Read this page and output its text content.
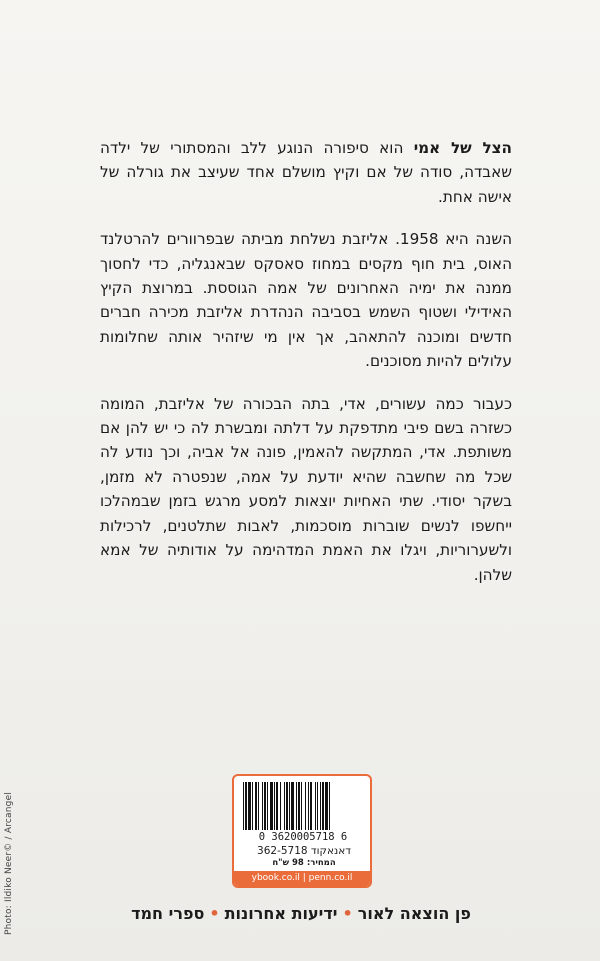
הצל של אמי הוא סיפורה הנוגע ללב והמסתורי של ילדה שאבדה, סודה של אם וקיץ מושלם אחד שעיצב את גורלה של אישה אחת.

השנה היא 1958. אליזבת נשלחת מביתה שבפרוורים להרטלנד האוס, בית חוף מקסים במחוז סאסקס שבאנגליה, כדי לחסוך ממנה את ימיה האחרונים של אמה הגוססת. במרוצת הקיץ האידילי ושטוף השמש בסביבה הנהדרת אליזבת מכירה חברים חדשים ומוכנה להתאהב, אך אין מי שיזהיר אותה שחלומות עלולים להיות מסוכנים.

כעבור כמה עשורים, אדי, בתה הבכורה של אליזבת, המומה כשזרה בשם פיבי מתדפקת על דלתה ומבשרת לה כי יש להן אם משותפת. אדי, המתקשה להאמין, פונה אל אביה, וכך נודע לה שכל מה שחשבה שהיא יודעת על אמה, שנפטרה לא מזמן, בשקר יסודי. שתי האחיות יוצאות למסע מרגש בזמן שבמהלכו ייחשפו לנשים שוברות מוסכמות, לאבות שתלטנים, לרכילות ולשערוריות, ויגלו את האמת המדהימה על אודותיה של אמא שלהן.

Photo: Ildiko Neer© / Arcangel	0 3620005718 6
דאנאקוד 362-5718
המחיר: 98 ש"ח
ybook.co.il | penn.co.il
פן הוצאה לאור•ידיעות אחרונות•ספרי חמד
